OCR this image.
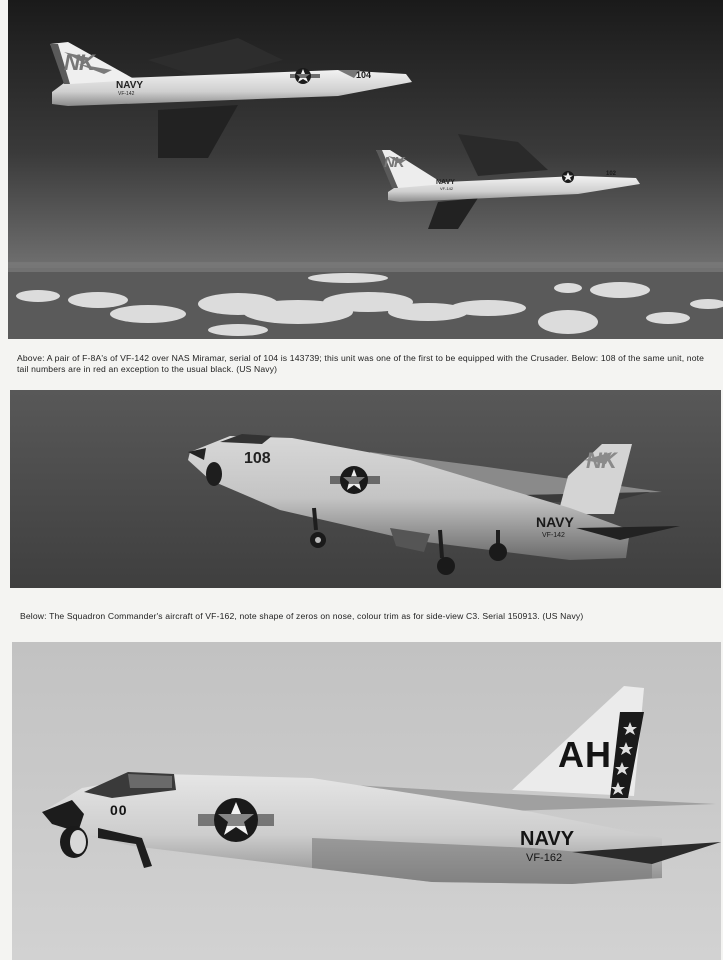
NK
NAVY
VF-142
104
NK
NAVY
VF-142
102

Above: A pair of F-8A's of VF-142 over NAS Miramar, serial of 104 is 143739; this unit was one of the first to be equipped with the Crusader. Below: 108 of the same unit, note tail numbers are in red an exception to the usual black. (US Navy)

NK
108
NAVY
VF-142

Below: The Squadron Commander's aircraft of VF-162, note shape of zeros on nose, colour trim as for side-view C3. Serial 150913. (US Navy)

AH
00
NAVY
VF-162
